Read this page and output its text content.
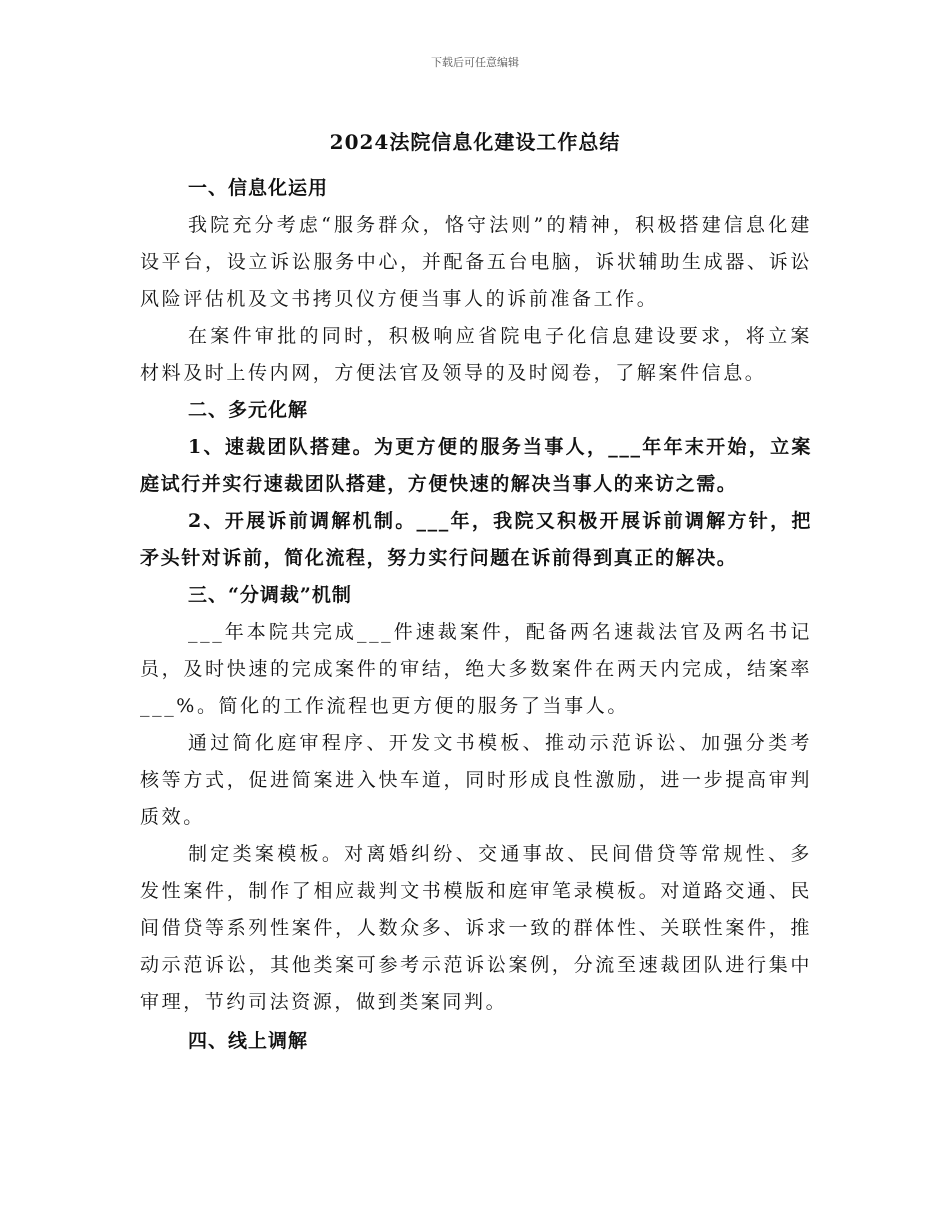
下载后可任意编辑
2024法院信息化建设工作总结
一、信息化运用

我院充分考虑“服务群众，恪守法则”的精神，积极搭建信息化建设平台，设立诉讼服务中心，并配备五台电脑，诉状辅助生成器、诉讼风险评估机及文书拷贝仪方便当事人的诉前准备工作。

在案件审批的同时，积极响应省院电子化信息建设要求，将立案材料及时上传内网，方便法官及领导的及时阅卷，了解案件信息。

二、多元化解

1、速裁团队搭建。为更方便的服务当事人，___年年末开始，立案庭试行并实行速裁团队搭建，方便快速的解决当事人的来访之需。

2、开展诉前调解机制。___年，我院又积极开展诉前调解方针，把矛头针对诉前，简化流程，努力实行问题在诉前得到真正的解决。

三、“分调裁”机制

___年本院共完成___件速裁案件，配备两名速裁法官及两名书记员，及时快速的完成案件的审结，绝大多数案件在两天内完成，结案率___%。简化的工作流程也更方便的服务了当事人。

通过简化庭审程序、开发文书模板、推动示范诉讼、加强分类考核等方式，促进简案进入快车道，同时形成良性激励，进一步提高审判质效。

制定类案模板。对离婚纠纷、交通事故、民间借贷等常规性、多发性案件，制作了相应裁判文书模版和庭审笔录模板。对道路交通、民间借贷等系列性案件，人数众多、诉求一致的群体性、关联性案件，推动示范诉讼，其他类案可参考示范诉讼案例，分流至速裁团队进行集中审理，节约司法资源，做到类案同判。

四、线上调解
